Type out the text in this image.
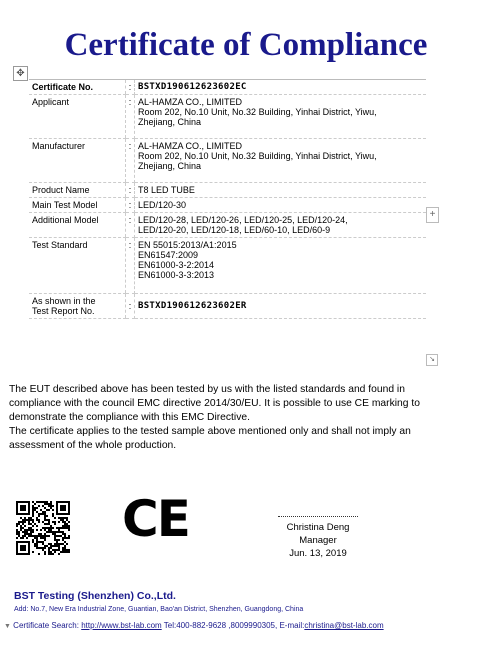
Certificate of Compliance
✥
Certificate No.	:	BSTXD190612623602EC
Applicant	:	AL-HAMZA CO., LIMITED
Room 202, No.10 Unit, No.32 Building, Yinhai District, Yiwu,
Zhejiang, China

Manufacturer	:	AL-HAMZA CO., LIMITED
Room 202, No.10 Unit, No.32 Building, Yinhai District, Yiwu,
Zhejiang, China

Product Name	:	T8 LED TUBE
Main Test Model	:	LED/120-30
Additional Model	:	LED/120-28, LED/120-26, LED/120-25, LED/120-24,
LED/120-20, LED/120-18, LED/60-10, LED/60-9

Test Standard	:	EN 55015:2013/A1:2015
EN61547:2009
EN61000-3-2:2014
EN61000-3-3:2013

As shown in the
Test Report No.	:	BSTXD190612623602ER
+
↘

The EUT described above has been tested by us with the listed standards and found in compliance with the council EMC directive 2014/30/EU. It is possible to use CE marking to demonstrate the compliance with this EMC Directive.

The certificate applies to the tested sample above mentioned only and shall not imply an assessment of the whole production.

CE	Christina Deng
Manager
Jun. 13, 2019
BST Testing (Shenzhen) Co.,Ltd.
Add: No.7, New Era Industrial Zone, Guantian, Bao'an District, Shenzhen, Guangdong, China
▼ Certificate Search: http://www.bst-lab.com Tel:400-882-9628 ,8009990305, E-mail:christina@bst-lab.com
